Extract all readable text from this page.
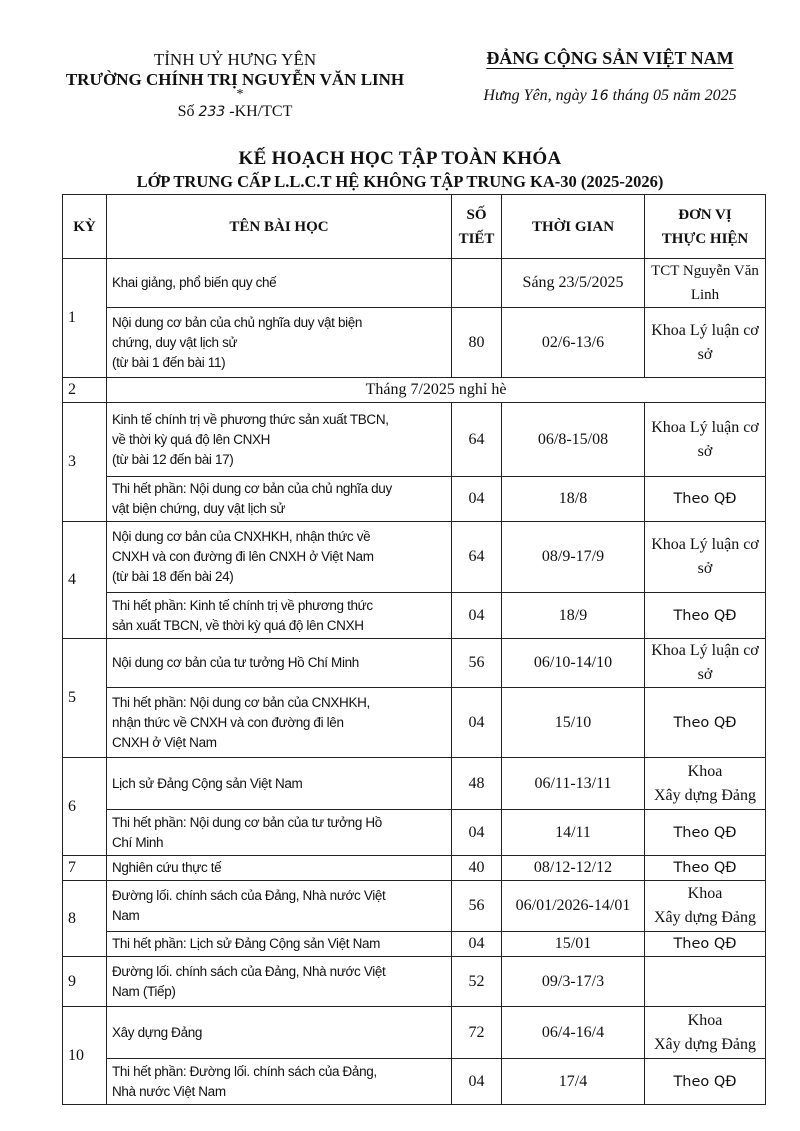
TỈNH UỶ HƯNG YÊN
TRƯỜNG CHÍNH TRỊ NGUYỄN VĂN LINH
*
Số 233 -KH/TCT
ĐẢNG CỘNG SẢN VIỆT NAM
Hưng Yên, ngày 16 tháng 05 năm 2025
KẾ HOẠCH HỌC TẬP TOÀN KHÓA
LỚP TRUNG CẤP L.L.C.T HỆ KHÔNG TẬP TRUNG KA-30 (2025-2026)
KỲ	TÊN BÀI HỌC	SỐ
TIẾT	THỜI GIAN	ĐƠN VỊ
THỰC HIỆN
1	Khai giảng, phổ biến quy chế		Sáng 23/5/2025	TCT Nguyễn Văn Linh
	Nội dung cơ bản của chủ nghĩa duy vật biện
chứng, duy vật lịch sử
(từ bài 1 đến bài 11)	80	02/6-13/6	Khoa Lý luận cơ sở
2	Tháng 7/2025 nghỉ hè			
3	Kinh tế chính trị về phương thức sản xuất TBCN,
về thời kỳ quá độ lên CNXH
(từ bài 12 đến bài 17)	64	06/8-15/08	Khoa Lý luận cơ sở
	Thi hết phần: Nội dung cơ bản của chủ nghĩa duy
vật biện chứng, duy vật lịch sử	04	18/8	Theo QĐ
4	Nội dung cơ bản của CNXHKH, nhận thức về
CNXH và con đường đi lên CNXH ở Việt Nam
(từ bài 18 đến bài 24)	64	08/9-17/9	Khoa Lý luận cơ sở
	Thi hết phần: Kinh tế chính trị về phương thức
sản xuất TBCN, về thời kỳ quá độ lên CNXH	04	18/9	Theo QĐ
5	Nội dung cơ bản của tư tưởng Hồ Chí Minh	56	06/10-14/10	Khoa Lý luận cơ sở
	Thi hết phần: Nội dung cơ bản của CNXHKH,
nhận thức về CNXH và con đường đi lên
CNXH ở Việt Nam	04	15/10	Theo QĐ
6	Lịch sử Đảng Cộng sản Việt Nam	48	06/11-13/11	Khoa
Xây dựng Đảng
	Thi hết phần: Nội dung cơ bản của tư tưởng Hồ
Chí Minh	04	14/11	Theo QĐ
7	Nghiên cứu thực tế	40	08/12-12/12	Theo QĐ
8	Đường lối. chính sách của Đảng, Nhà nước Việt
Nam	56	06/01/2026-14/01	Khoa
Xây dựng Đảng
	Thi hết phần: Lịch sử Đảng Cộng sản Việt Nam	04	15/01	Theo QĐ
9	Đường lối. chính sách của Đảng, Nhà nước Việt
Nam (Tiếp)	52	09/3-17/3	
10	Xây dựng Đảng	72	06/4-16/4	Khoa
Xây dựng Đảng
	Thi hết phần: Đường lối. chính sách của Đảng,
Nhà nước Việt Nam	04	17/4	Theo QĐ
